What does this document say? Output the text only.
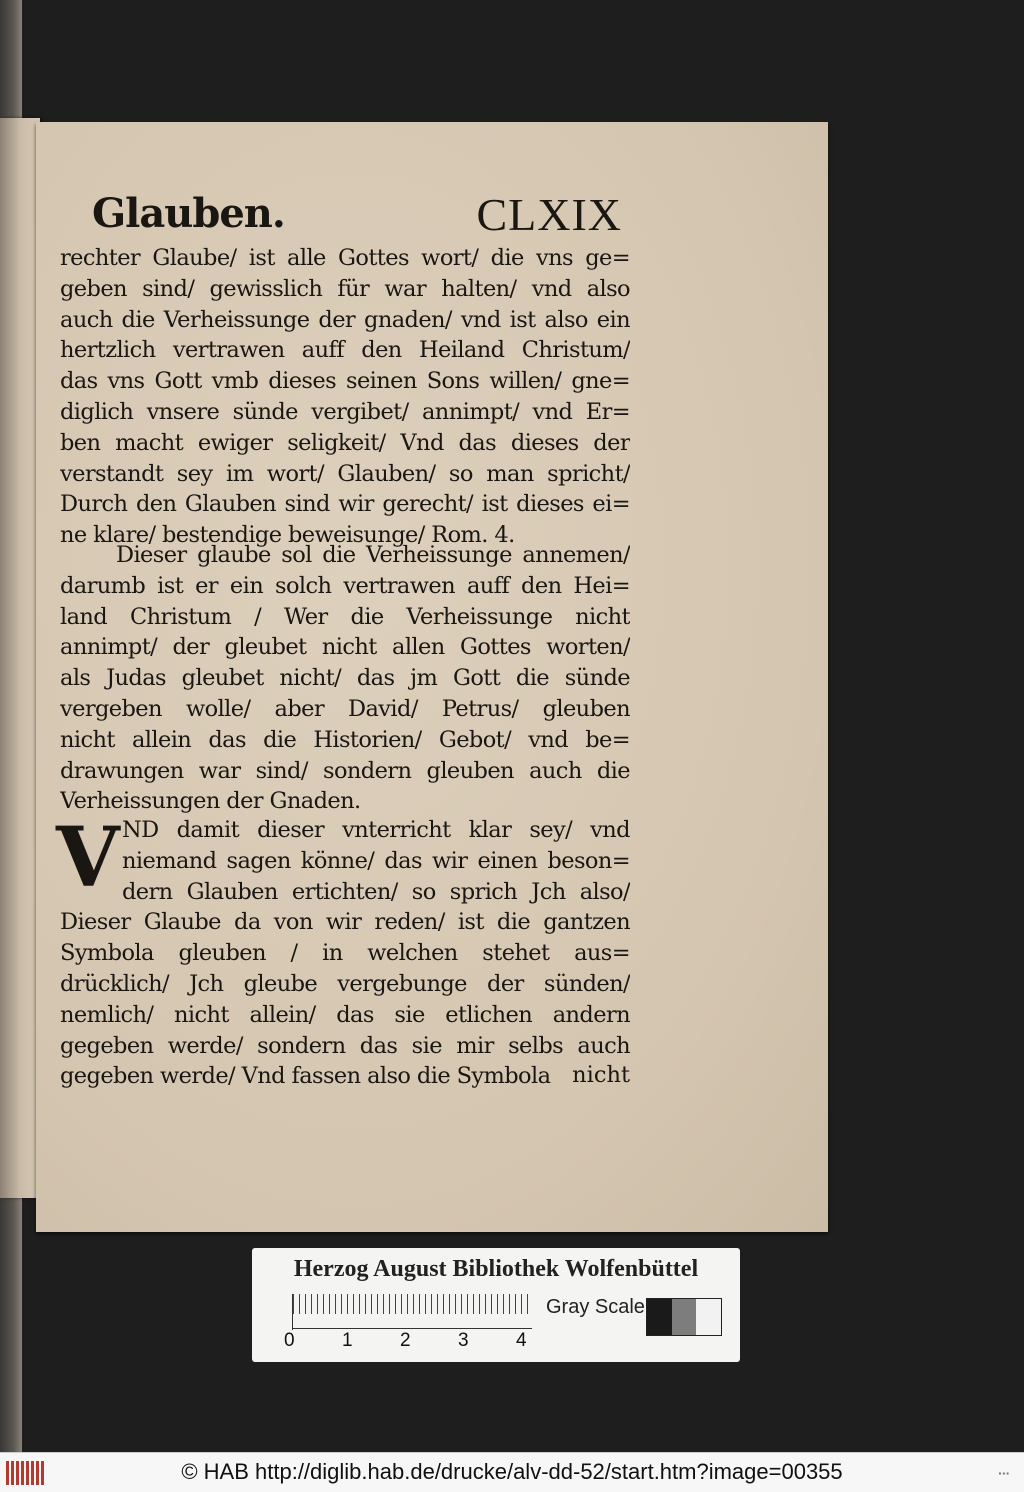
Glauben.	CLXIX
rechter Glaube/ ist alle Gottes wort/ die vns ge=
geben sind/ gewisslich für war halten/ vnd also
auch die Verheissunge der gnaden/ vnd ist also ein
hertzlich vertrawen auff den Heiland Christum/
das vns Gott vmb dieses seinen Sons willen/ gne=
diglich vnsere sünde vergibet/ annimpt/ vnd Er=
ben macht ewiger seligkeit/ Vnd das dieses der
verstandt sey im wort/ Glauben/ so man spricht/
Durch den Glauben sind wir gerecht/ ist dieses ei=
ne klare/ bestendige beweisunge/ Rom. 4.
Dieser glaube sol die Verheissunge annemen/
darumb ist er ein solch vertrawen auff den Hei=
land Christum / Wer die Verheissunge nicht
annimpt/ der gleubet nicht allen Gottes worten/
als Judas gleubet nicht/ das jm Gott die sünde
vergeben wolle/ aber David/ Petrus/ gleuben
nicht allein das die Historien/ Gebot/ vnd be=
drawungen war sind/ sondern gleuben auch die
Verheissungen der Gnaden.
V ND damit dieser vnterricht klar sey/ vnd
niemand sagen könne/ das wir einen beson=
dern Glauben ertichten/ so sprich Jch also/
Dieser Glaube da von wir reden/ ist die gantzen
Symbola gleuben / in welchen stehet aus=
drücklich/ Jch gleube vergebunge der sünden/
nemlich/ nicht allein/ das sie etlichen andern
gegeben werde/ sondern das sie mir selbs auch
gegeben werde/ Vnd fassen also die Symbola nicht
Herzog August Bibliothek Wolfenbüttel
0 1 2 3 4
Gray Scale
© HAB http://diglib.hab.de/drucke/alv-dd-52/start.htm?image=00355	▪▪▪
